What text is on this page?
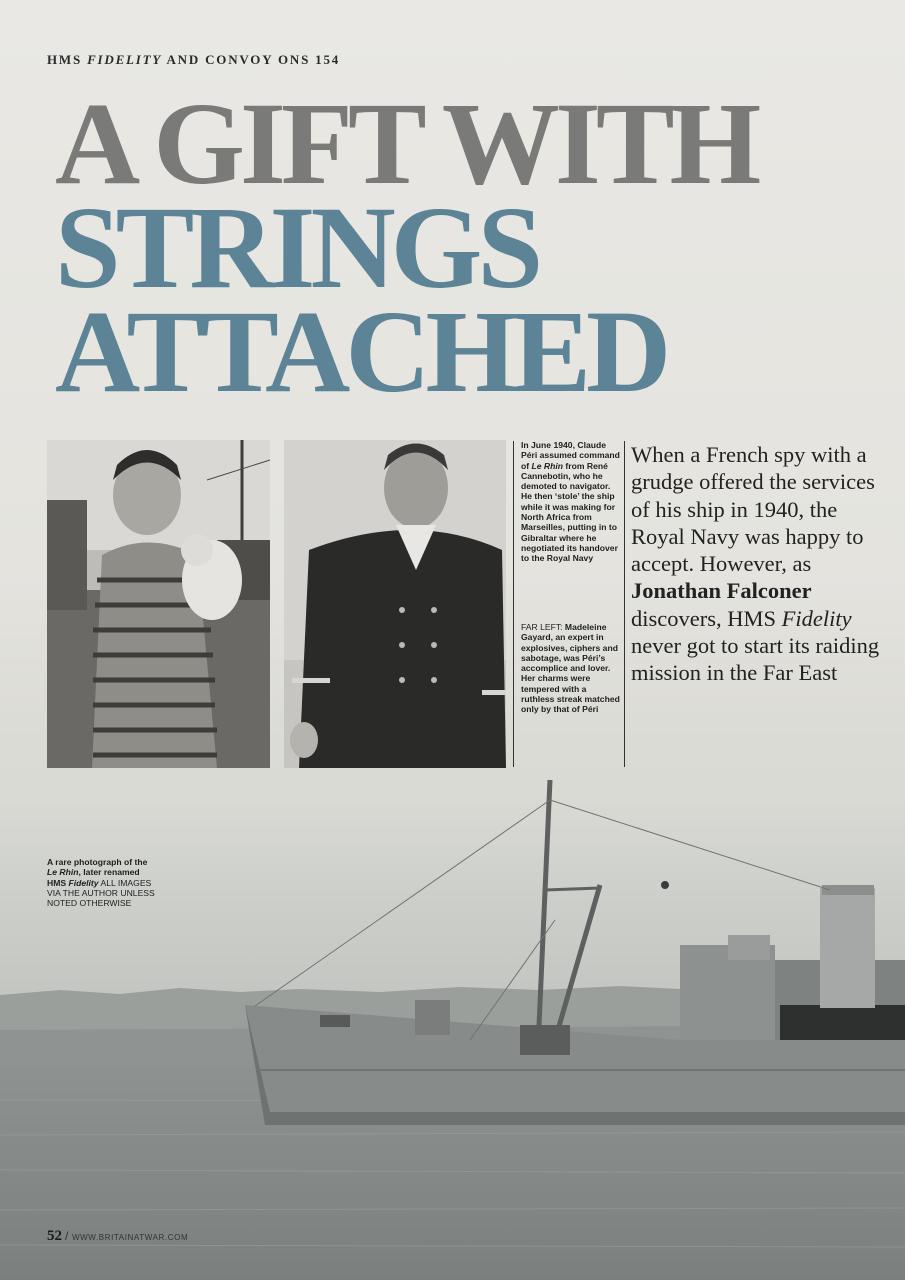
HMS FIDELITY AND CONVOY ONS 154
A GIFT WITH
STRINGS
ATTACHED
In June 1940, Claude Péri assumed command of Le Rhin from René Cannebotin, who he demoted to navigator. He then ‘stole’ the ship while it was making for North Africa from Marseilles, putting in to Gibraltar where he negotiated its handover to the Royal Navy
FAR LEFT: Madeleine Gayard, an expert in explosives, ciphers and sabotage, was Péri’s accomplice and lover. Her charms were tempered with a ruthless streak matched only by that of Péri
When a French spy with a grudge offered the services of his ship in 1940, the Royal Navy was happy to accept. However, as Jonathan Falconer discovers, HMS Fidelity never got to start its raiding mission in the Far East
A rare photograph of the Le Rhin, later renamed HMS Fidelity ALL IMAGES VIA THE AUTHOR UNLESS NOTED OTHERWISE
52 / WWW.BRITAINATWAR.COM
